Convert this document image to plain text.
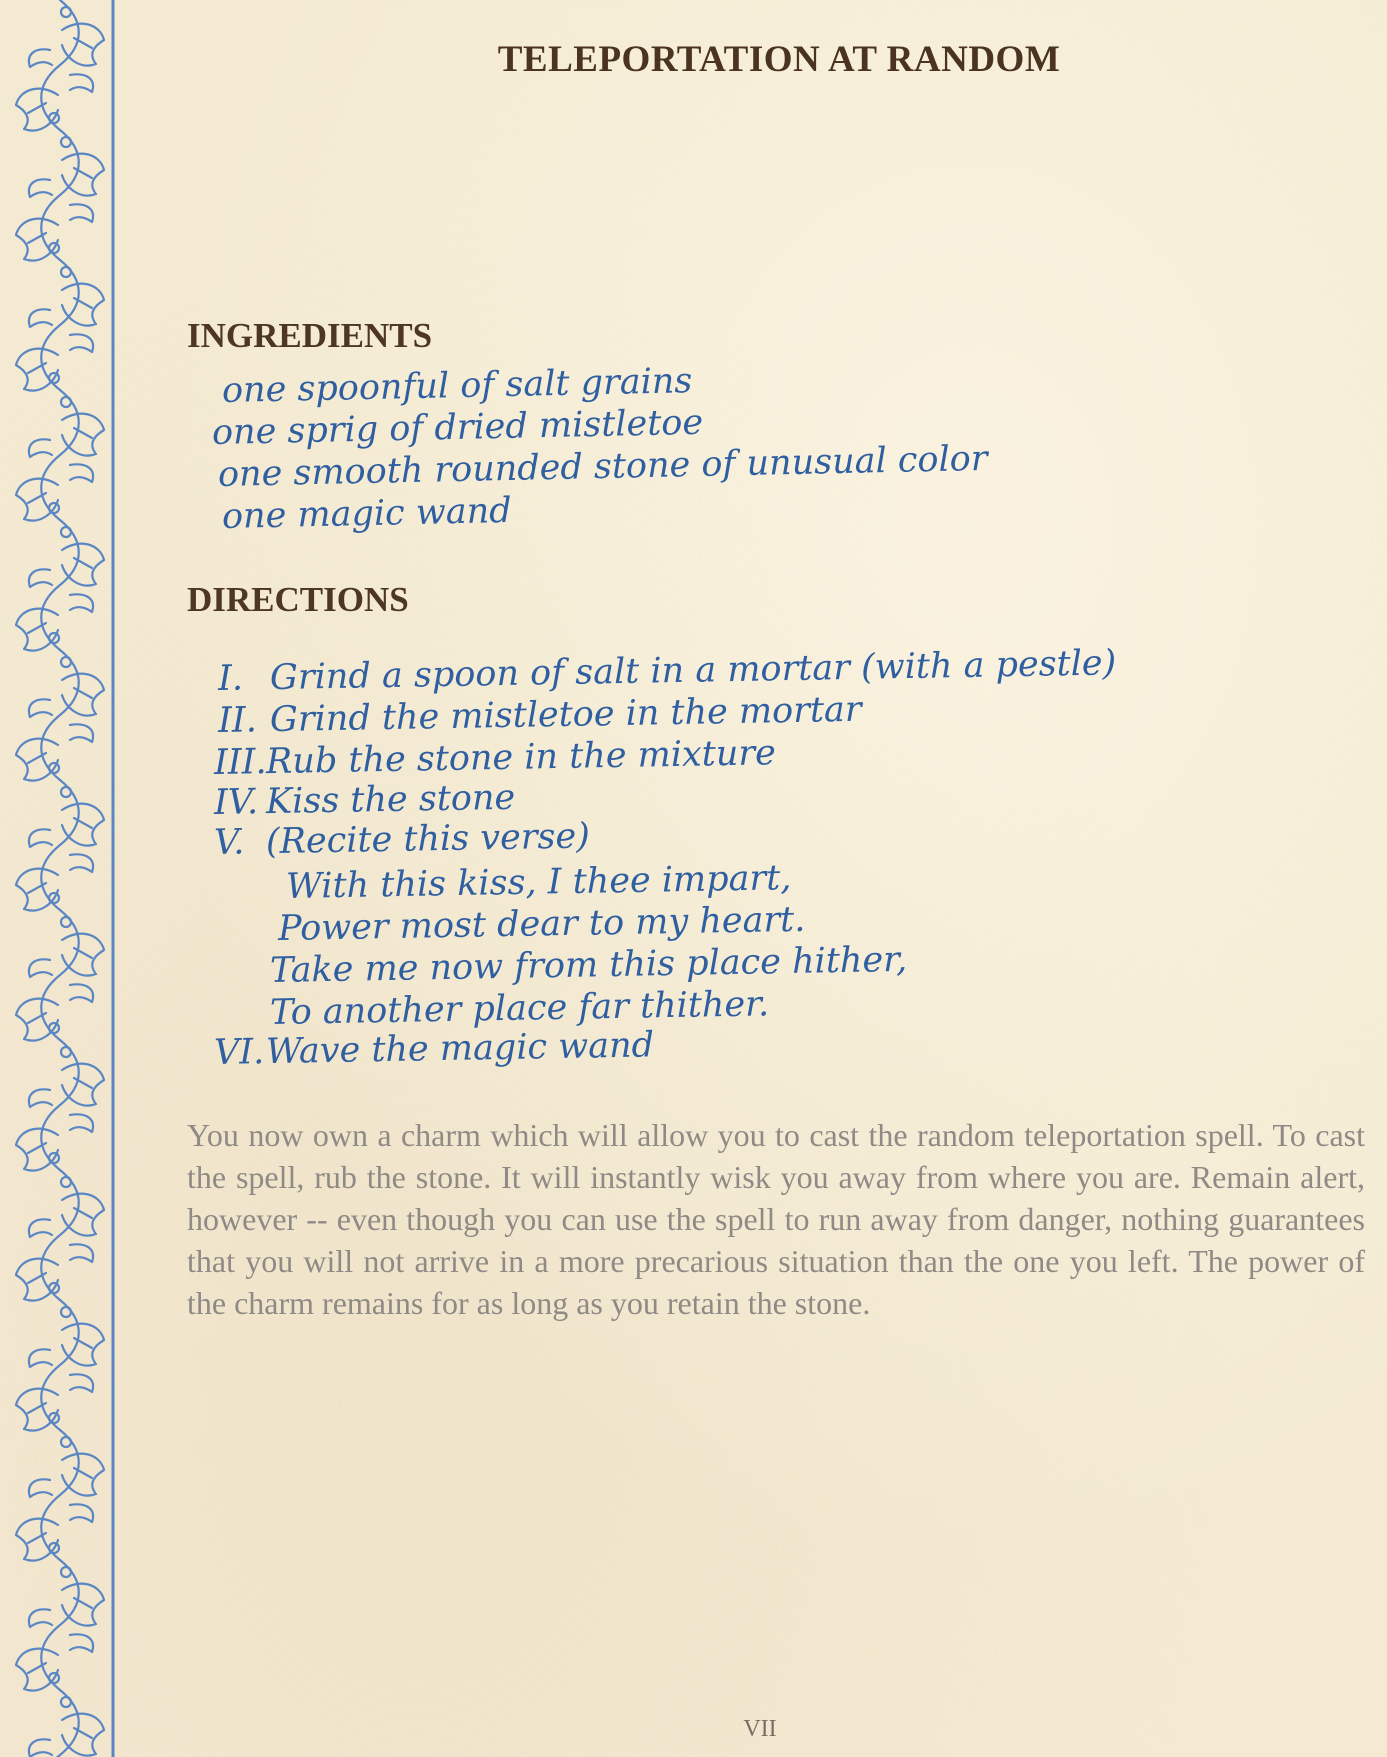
TELEPORTATION AT RANDOM
INGREDIENTS
one spoonful of salt grains
one sprig of dried mistletoe
one smooth rounded stone of unusual color
one magic wand
DIRECTIONS
I. Grind a spoon of salt in a mortar (with a pestle)
II. Grind the mistletoe in the mortar
III.Rub the stone in the mixture
IV. Kiss the stone
V. (Recite this verse)
With this kiss, I thee impart,
Power most dear to my heart.
Take me now from this place hither,
To another place far thither.
VI.Wave the magic wand
You now own a charm which will allow you to cast the random teleportation spell. To cast the spell, rub the stone. It will instantly wisk you away from where you are. Remain alert, however -- even though you can use the spell to run away from danger, nothing guarantees that you will not arrive in a more precarious situation than the one you left. The power of the charm remains for as long as you retain the stone.
VII
